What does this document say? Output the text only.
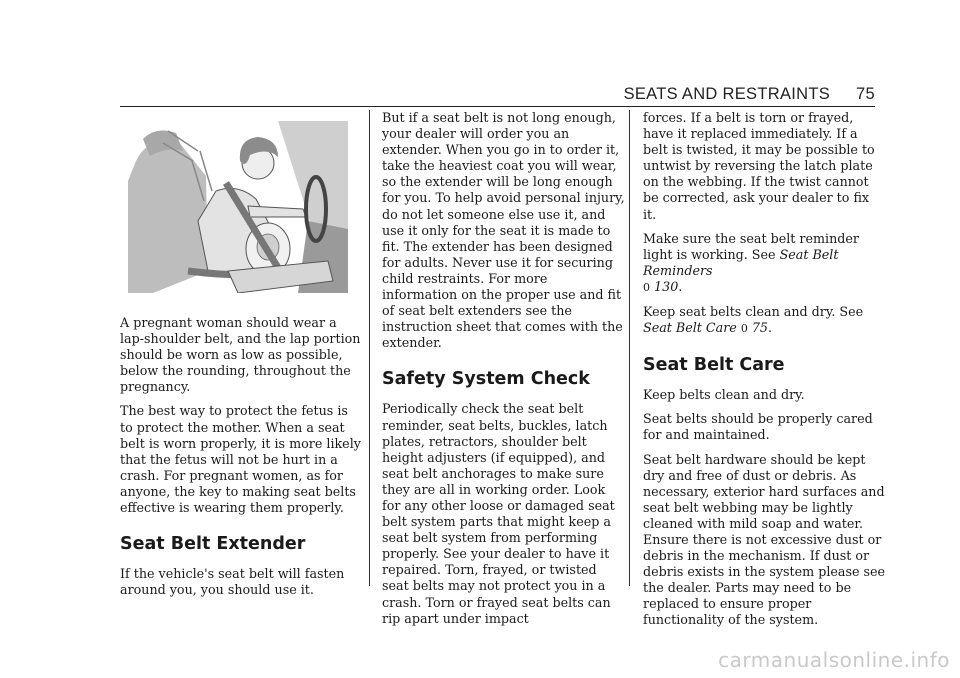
SEATS AND RESTRAINTS 75

A pregnant woman should wear a lap-shoulder belt, and the lap portion should be worn as low as possible, below the rounding, throughout the pregnancy.

The best way to protect the fetus is to protect the mother. When a seat belt is worn properly, it is more likely that the fetus will not be hurt in a crash. For pregnant women, as for anyone, the key to making seat belts effective is wearing them properly.

Seat Belt Extender

If the vehicle's seat belt will fasten around you, you should use it.

But if a seat belt is not long enough, your dealer will order you an extender. When you go in to order it, take the heaviest coat you will wear, so the extender will be long enough for you. To help avoid personal injury, do not let someone else use it, and use it only for the seat it is made to fit. The extender has been designed for adults. Never use it for securing child restraints. For more information on the proper use and fit of seat belt extenders see the instruction sheet that comes with the extender.

Safety System Check

Periodically check the seat belt reminder, seat belts, buckles, latch plates, retractors, shoulder belt height adjusters (if equipped), and seat belt anchorages to make sure they are all in working order. Look for any other loose or damaged seat belt system parts that might keep a seat belt system from performing properly. See your dealer to have it repaired. Torn, frayed, or twisted seat belts may not protect you in a crash. Torn or frayed seat belts can rip apart under impact

forces. If a belt is torn or frayed, have it replaced immediately. If a belt is twisted, it may be possible to untwist by reversing the latch plate on the webbing. If the twist cannot be corrected, ask your dealer to fix it.

Make sure the seat belt reminder light is working. See Seat Belt Reminders
0 130.

Keep seat belts clean and dry. See Seat Belt Care 0 75.

Seat Belt Care

Keep belts clean and dry.

Seat belts should be properly cared for and maintained.

Seat belt hardware should be kept dry and free of dust or debris. As necessary, exterior hard surfaces and seat belt webbing may be lightly cleaned with mild soap and water. Ensure there is not excessive dust or debris in the mechanism. If dust or debris exists in the system please see the dealer. Parts may need to be replaced to ensure proper functionality of the system.

carmanualsonline.info
